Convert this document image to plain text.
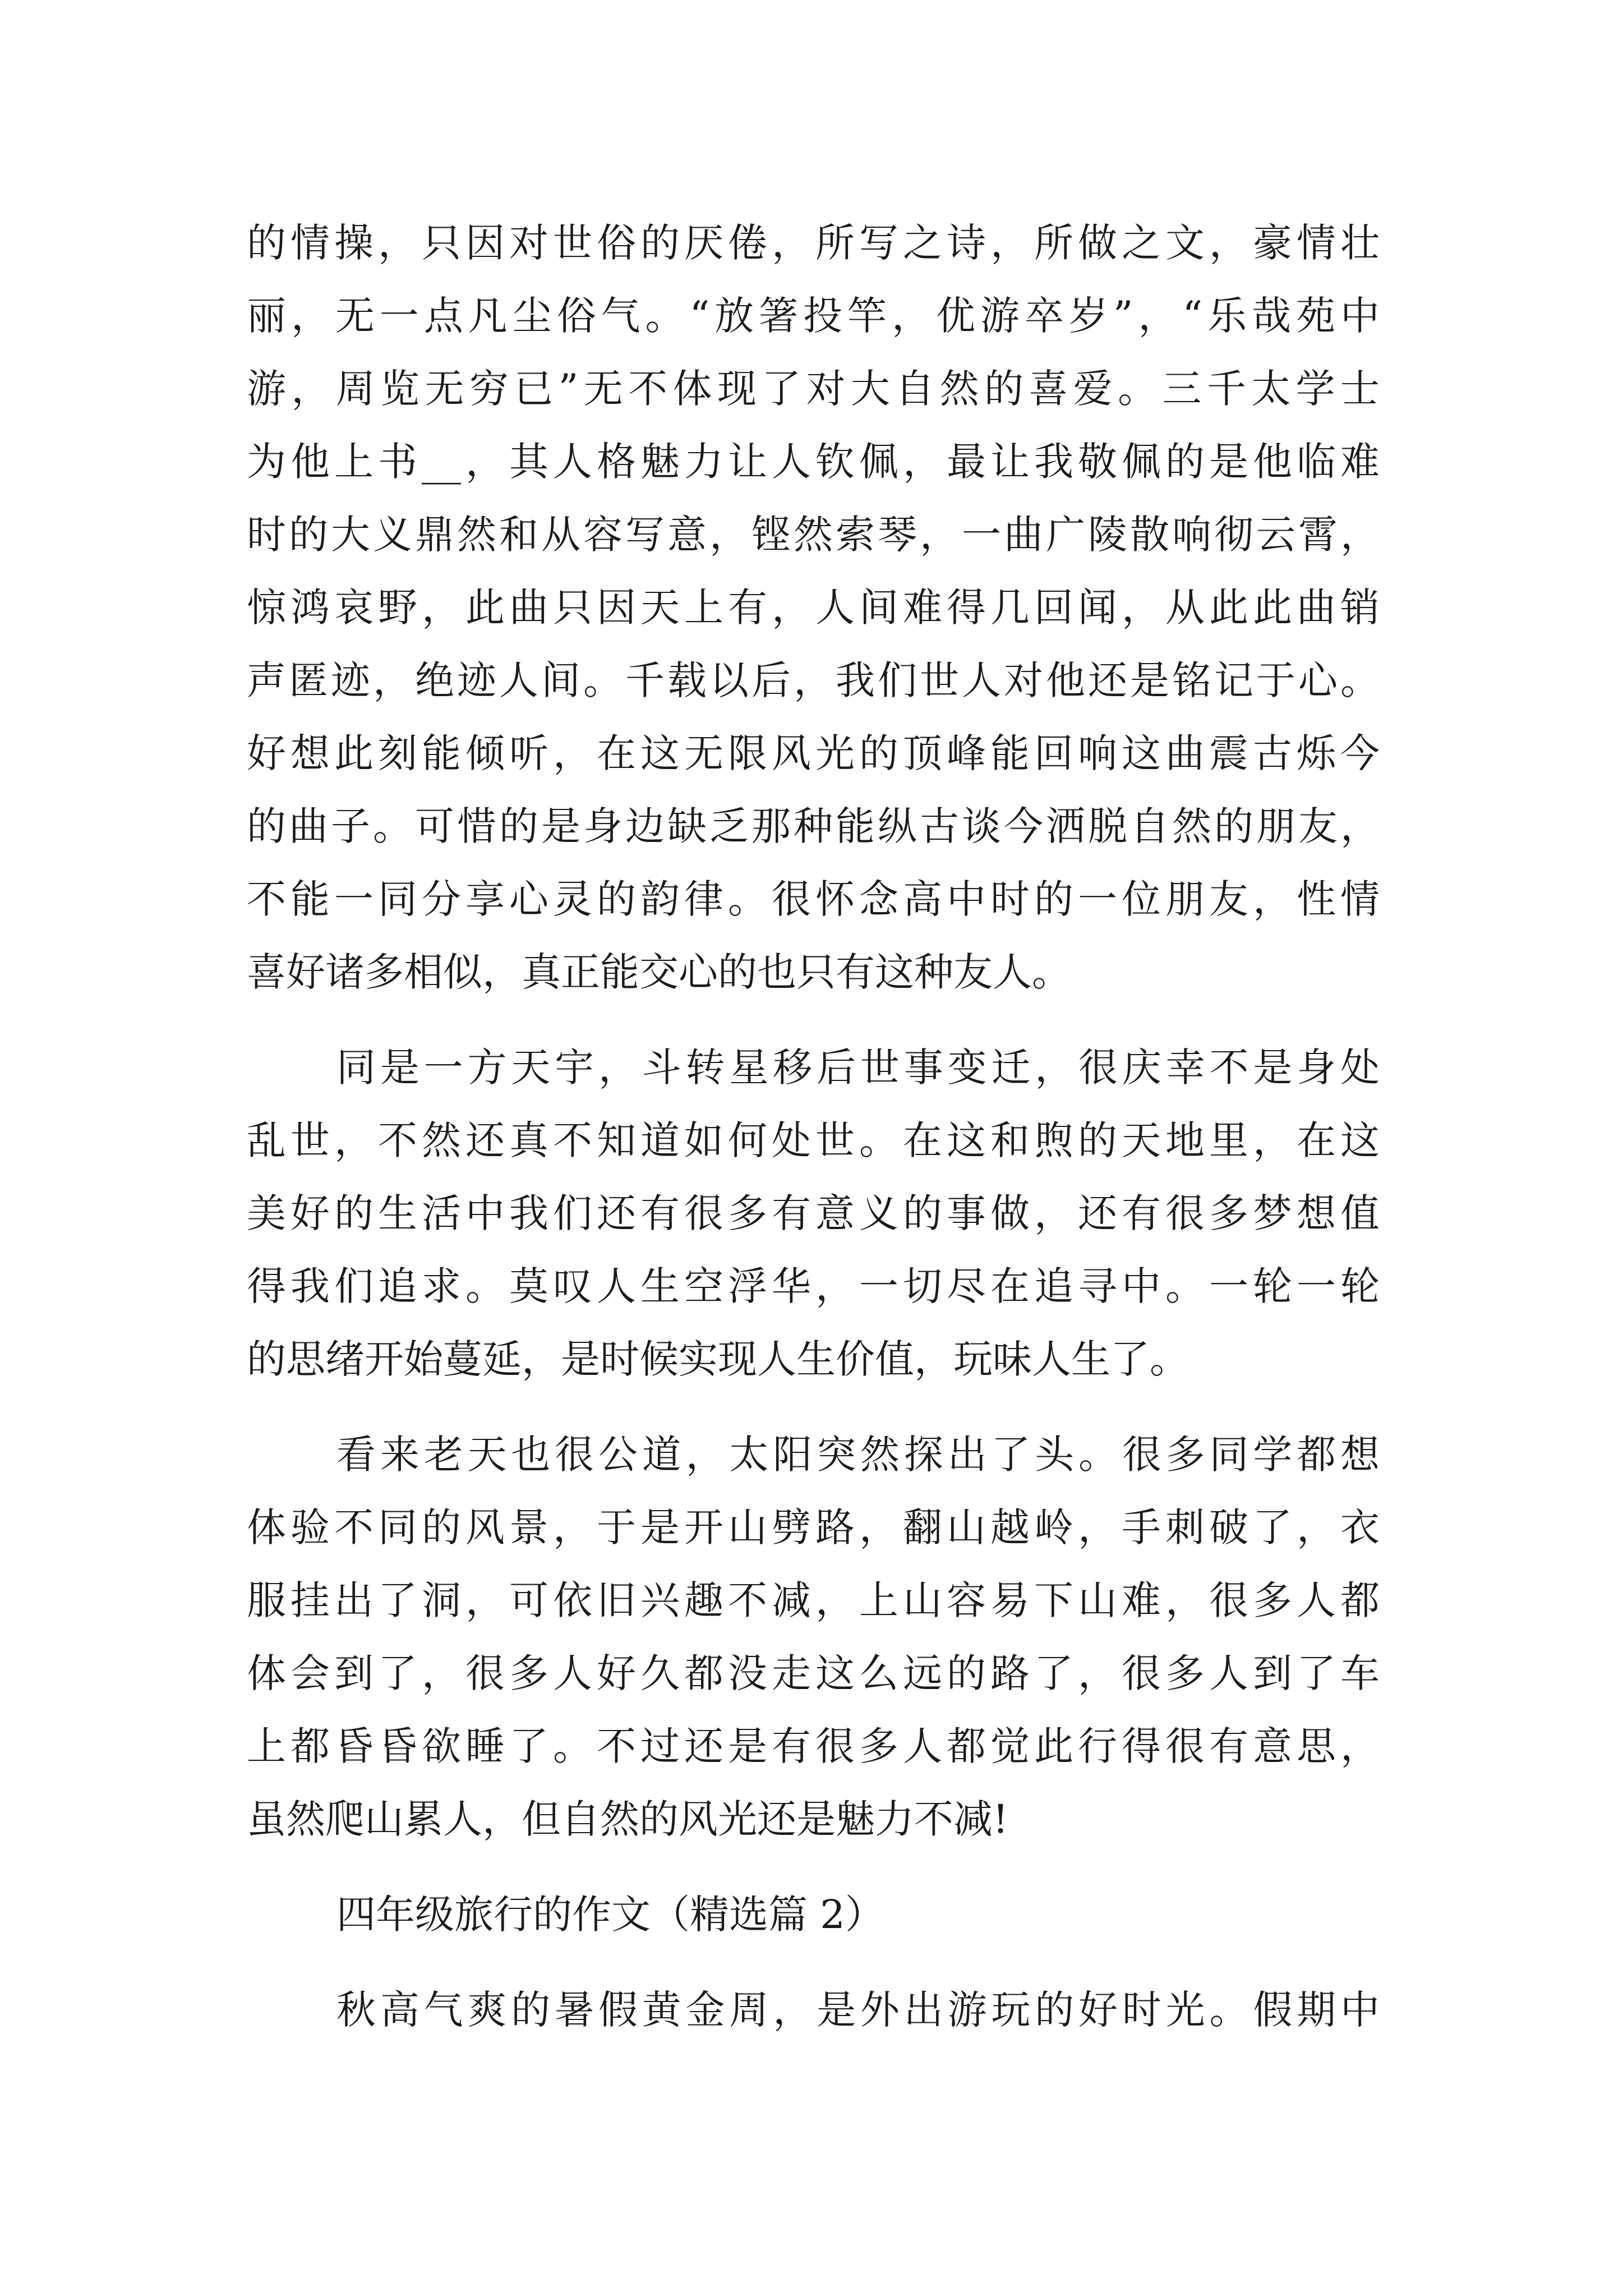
的情操，只因对世俗的厌倦，所写之诗，所做之文，豪情壮

丽，无一点凡尘俗气。“放箸投竿，优游卒岁”，“乐哉苑中

游，周览无穷已”无不体现了对大自然的喜爱。三千太学士

为他上书__，其人格魅力让人钦佩，最让我敬佩的是他临难

时的大义鼎然和从容写意，铿然索琴，一曲广陵散响彻云霄，

惊鸿哀野，此曲只因天上有，人间难得几回闻，从此此曲销

声匿迹，绝迹人间。千载以后，我们世人对他还是铭记于心。

好想此刻能倾听，在这无限风光的顶峰能回响这曲震古烁今

的曲子。可惜的是身边缺乏那种能纵古谈今洒脱自然的朋友，

不能一同分享心灵的韵律。很怀念高中时的一位朋友，性情

喜好诸多相似，真正能交心的也只有这种友人。

同是一方天宇，斗转星移后世事变迁，很庆幸不是身处

乱世，不然还真不知道如何处世。在这和煦的天地里，在这

美好的生活中我们还有很多有意义的事做，还有很多梦想值

得我们追求。莫叹人生空浮华，一切尽在追寻中。一轮一轮

的思绪开始蔓延，是时候实现人生价值，玩味人生了。

看来老天也很公道，太阳突然探出了头。很多同学都想

体验不同的风景，于是开山劈路，翻山越岭，手刺破了，衣

服挂出了洞，可依旧兴趣不减，上山容易下山难，很多人都

体会到了，很多人好久都没走这么远的路了，很多人到了车

上都昏昏欲睡了。不过还是有很多人都觉此行得很有意思，

虽然爬山累人，但自然的风光还是魅力不减!

四年级旅行的作文（精选篇 2）

秋高气爽的暑假黄金周，是外出游玩的好时光。假期中
